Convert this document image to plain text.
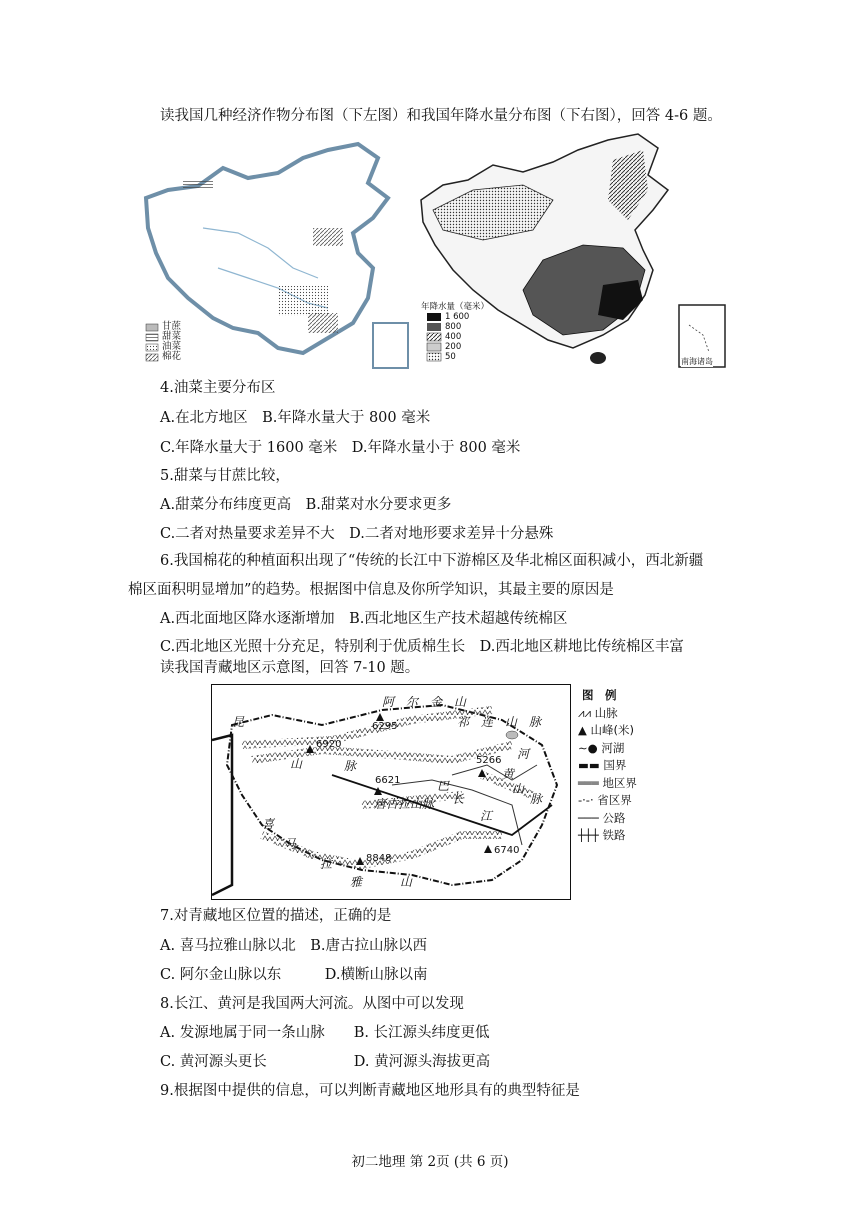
读我国几种经济作物分布图（下左图）和我国年降水量分布图（下右图），回答 4-6 题。
甘蔗
甜菜
油菜
棉花
年降水量（毫米）
1 600
800
400
200
50	南海诸岛
4.油菜主要分布区
A.在北方地区　B.年降水量大于 800 毫米
C.年降水量大于 1600 毫米　D.年降水量小于 800 毫米
5.甜菜与甘蔗比较，
A.甜菜分布纬度更高　B.甜菜对水分要求更多
C.二者对热量要求差异不大　D.二者对地形要求差异十分悬殊
6.我国棉花的种植面积出现了“传统的长江中下游棉区及华北棉区面积减小，西北新疆
棉区面积明显增加”的趋势。根据图中信息及你所学知识，其最主要的原因是
A.西北面地区降水逐渐增加　B.西北地区生产技术超越传统棉区
C.西北地区光照十分充足，特别利于优质棉生长　D.西北地区耕地比传统棉区丰富
读我国青藏地区示意图，回答 7-10 题。
阿　尔　金　山
祁　连　山　脉
昆
山	脉
唐古拉山脉
巴
长
江
黄
河
山
脉
喜
马
拉
雅	山
6295
6920
6621
5266
8848
6740
图　例
⩘⩘ 山脉
▲ 山峰(米)
∼● 河湖
▬▬ 国界
═══ 地区界
-·-· 省区界
─── 公路
┼┼┼ 铁路
7.对青藏地区位置的描述，正确的是
A. 喜马拉雅山脉以北　B.唐古拉山脉以西
C. 阿尔金山脉以东　　　D.横断山脉以南
8.长江、黄河是我国两大河流。从图中可以发现
A. 发源地属于同一条山脉　　B. 长江源头纬度更低
C. 黄河源头更长　　　　　　D. 黄河源头海拔更高
9.根据图中提供的信息，可以判断青藏地区地形具有的典型特征是
初二地理 第 2页 (共 6 页)
